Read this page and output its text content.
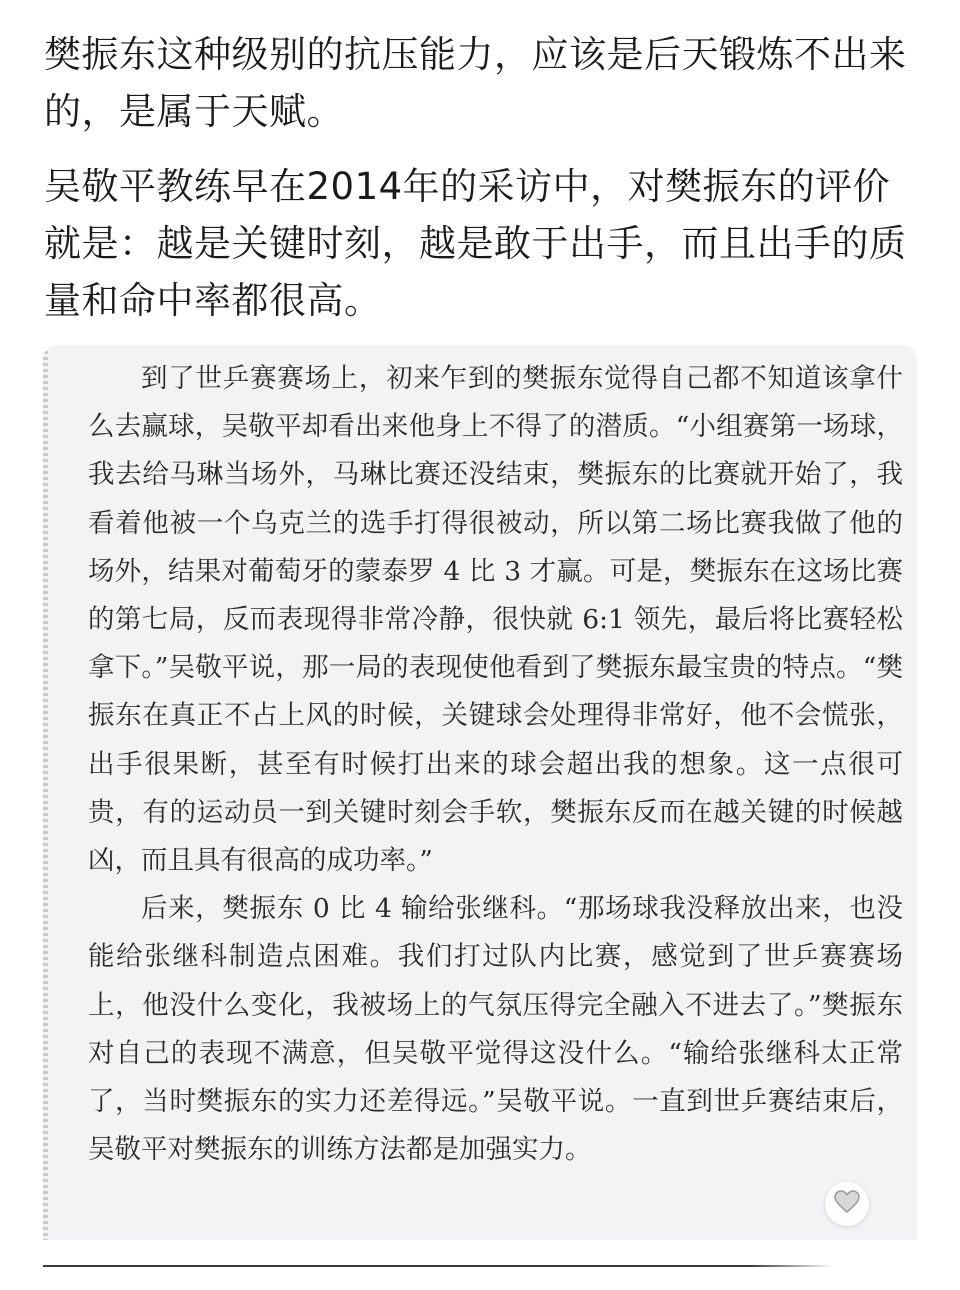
樊振东这种级别的抗压能力，应该是后天锻炼不出来的，是属于天赋。

吴敬平教练早在2014年的采访中，对樊振东的评价就是：越是关键时刻，越是敢于出手，而且出手的质量和命中率都很高。

到了世乒赛赛场上，初来乍到的樊振东觉得自己都不知道该拿什么去赢球，吴敬平却看出来他身上不得了的潜质。“小组赛第一场球，我去给马琳当场外，马琳比赛还没结束，樊振东的比赛就开始了，我看着他被一个乌克兰的选手打得很被动，所以第二场比赛我做了他的场外，结果对葡萄牙的蒙泰罗 4 比 3 才赢。可是，樊振东在这场比赛的第七局，反而表现得非常冷静，很快就 6:1 领先，最后将比赛轻松拿下。”吴敬平说，那一局的表现使他看到了樊振东最宝贵的特点。“樊振东在真正不占上风的时候，关键球会处理得非常好，他不会慌张，出手很果断，甚至有时候打出来的球会超出我的想象。这一点很可贵，有的运动员一到关键时刻会手软，樊振东反而在越关键的时候越凶，而且具有很高的成功率。”

后来，樊振东 0 比 4 输给张继科。“那场球我没释放出来，也没能给张继科制造点困难。我们打过队内比赛，感觉到了世乒赛赛场上，他没什么变化，我被场上的气氛压得完全融入不进去了。”樊振东对自己的表现不满意，但吴敬平觉得这没什么。“输给张继科太正常了，当时樊振东的实力还差得远。”吴敬平说。一直到世乒赛结束后，吴敬平对樊振东的训练方法都是加强实力。
